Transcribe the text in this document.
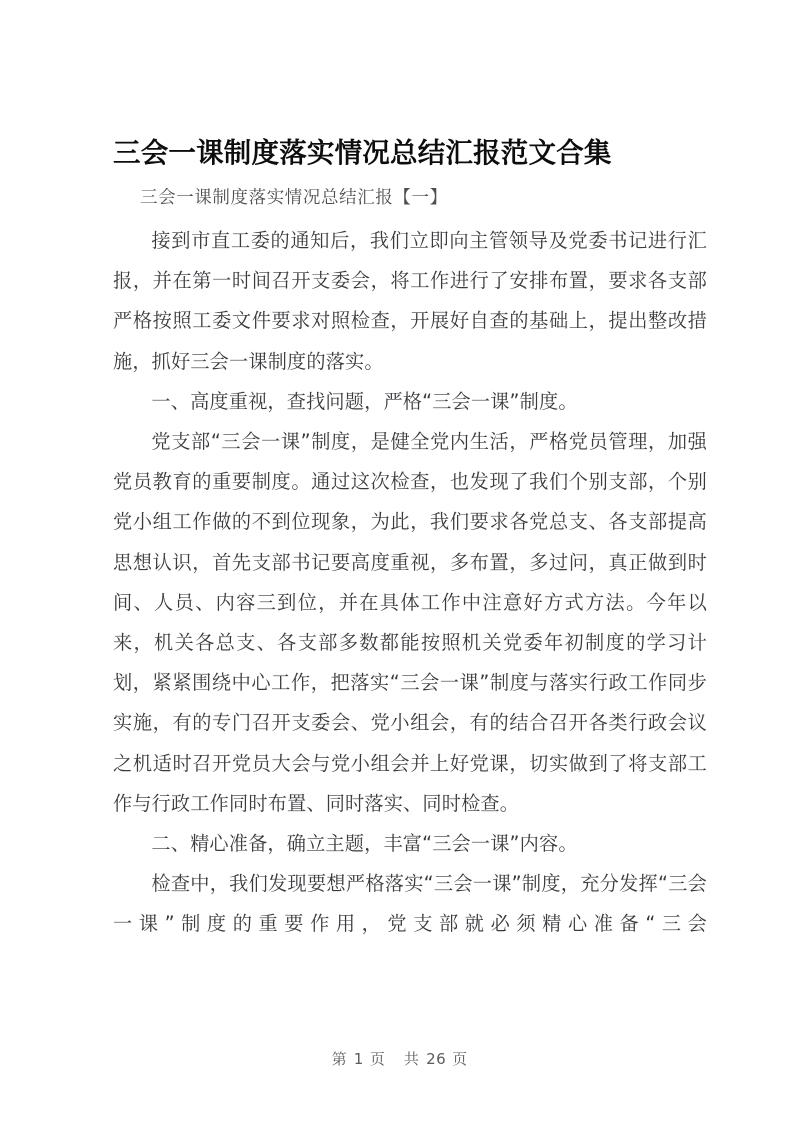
三会一课制度落实情况总结汇报范文合集

三会一课制度落实情况总结汇报【一】

接到市直工委的通知后，我们立即向主管领导及党委书记进行汇报，并在第一时间召开支委会，将工作进行了安排布置，要求各支部严格按照工委文件要求对照检查，开展好自查的基础上，提出整改措施，抓好三会一课制度的落实。

一、高度重视，查找问题，严格“三会一课”制度。

党支部“三会一课”制度，是健全党内生活，严格党员管理，加强党员教育的重要制度。通过这次检查，也发现了我们个别支部，个别党小组工作做的不到位现象，为此，我们要求各党总支、各支部提高思想认识，首先支部书记要高度重视，多布置，多过问，真正做到时间、人员、内容三到位，并在具体工作中注意好方式方法。今年以来，机关各总支、各支部多数都能按照机关党委年初制度的学习计划，紧紧围绕中心工作，把落实“三会一课”制度与落实行政工作同步实施，有的专门召开支委会、党小组会，有的结合召开各类行政会议之机适时召开党员大会与党小组会并上好党课，切实做到了将支部工作与行政工作同时布置、同时落实、同时检查。

二、精心准备，确立主题，丰富“三会一课”内容。

检查中，我们发现要想严格落实“三会一课”制度，充分发挥“三会一课”制度的重要作用，党支部就必须精心准备“三会

第 1 页 共 26 页
